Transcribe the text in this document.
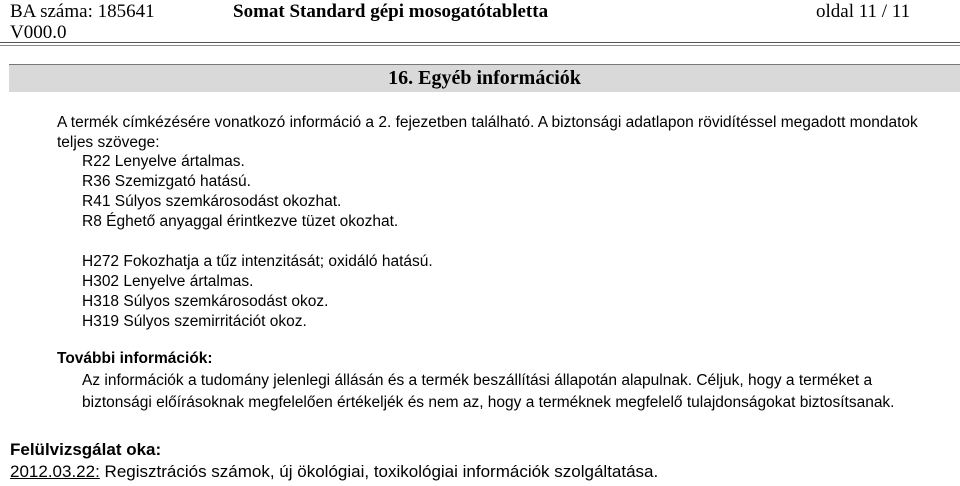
BA száma: 185641
V000.0
Somat Standard gépi mosogatótabletta	oldal 11 / 11
16. Egyéb információk
A termék címkézésére vonatkozó információ a 2. fejezetben található. A biztonsági adatlapon rövidítéssel megadott mondatok
teljes szövege:
R22 Lenyelve ártalmas.
R36 Szemizgató hatású.
R41 Súlyos szemkárosodást okozhat.
R8 Éghető anyaggal érintkezve tüzet okozhat.
H272 Fokozhatja a tűz intenzitását; oxidáló hatású.
H302 Lenyelve ártalmas.
H318 Súlyos szemkárosodást okoz.
H319 Súlyos szemirritációt okoz.
További információk:
Az információk a tudomány jelenlegi állásán és a termék beszállítási állapotán alapulnak. Céljuk, hogy a terméket a
biztonsági előírásoknak megfelelően értékeljék és nem az, hogy a terméknek megfelelő tulajdonságokat biztosítsanak.
Felülvizsgálat oka:
2012.03.22: Regisztrációs számok, új ökológiai, toxikológiai információk szolgáltatása.
